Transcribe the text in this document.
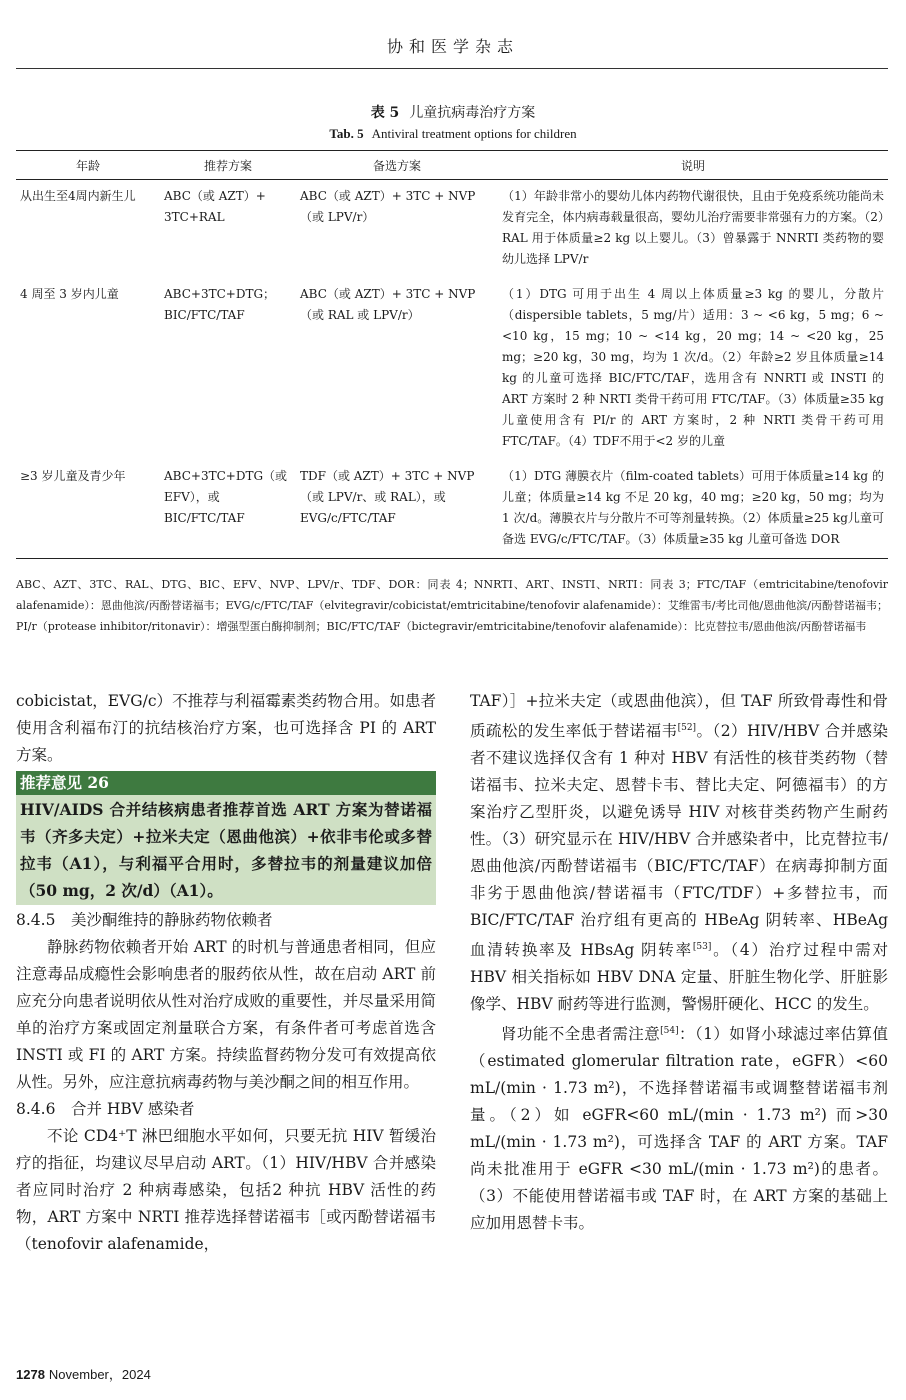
协和医学杂志
表 5 儿童抗病毒治疗方案
Tab. 5 Antiviral treatment options for children
年龄	推荐方案	备选方案	说明
从出生至4周内新生儿	ABC（或 AZT）+ 3TC+RAL	ABC（或 AZT）+ 3TC + NVP（或 LPV/r）	（1）年龄非常小的婴幼儿体内药物代谢很快，且由于免疫系统功能尚未发育完全，体内病毒载量很高，婴幼儿治疗需要非常强有力的方案。（2）RAL 用于体质量≥2 kg 以上婴儿。（3）曾暴露于 NNRTI 类药物的婴幼儿选择 LPV/r
4 周至 3 岁内儿童	ABC+3TC+DTG；BIC/FTC/TAF	ABC（或 AZT）+ 3TC + NVP（或 RAL 或 LPV/r）	（1）DTG 可用于出生 4 周以上体质量≥3 kg 的婴儿，分散片（dispersible tablets，5 mg/片）适用：3 ~ <6 kg，5 mg；6 ~ <10 kg，15 mg；10 ~ <14 kg，20 mg；14 ~ <20 kg，25 mg；≥20 kg，30 mg，均为 1 次/d。（2）年龄≥2 岁且体质量≥14 kg 的儿童可选择 BIC/FTC/TAF，选用含有 NNRTI 或 INSTI 的 ART 方案时 2 种 NRTI 类骨干药可用 FTC/TAF。（3）体质量≥35 kg 儿童使用含有 PI/r 的 ART 方案时，2 种 NRTI 类骨干药可用 FTC/TAF。（4）TDF不用于<2 岁的儿童
≥3 岁儿童及青少年	ABC+3TC+DTG（或 EFV），或 BIC/FTC/TAF	TDF（或 AZT）+ 3TC + NVP（或 LPV/r、或 RAL），或 EVG/c/FTC/TAF	（1）DTG 薄膜衣片（film-coated tablets）可用于体质量≥14 kg 的儿童；体质量≥14 kg 不足 20 kg，40 mg；≥20 kg，50 mg；均为 1 次/d。薄膜衣片与分散片不可等剂量转换。（2）体质量≥25 kg儿童可备选 EVG/c/FTC/TAF。（3）体质量≥35 kg 儿童可备选 DOR
ABC、AZT、3TC、RAL、DTG、BIC、EFV、NVP、LPV/r、TDF、DOR：同表 4；NNRTI、ART、INSTI、NRTI：同表 3；FTC/TAF（emtricitabine/tenofovir alafenamide）：恩曲他滨/丙酚替诺福韦；EVG/c/FTC/TAF（elvitegravir/cobicistat/emtricitabine/tenofovir alafenamide）：艾维雷韦/考比司他/恩曲他滨/丙酚替诺福韦；PI/r（protease inhibitor/ritonavir）：增强型蛋白酶抑制剂；BIC/FTC/TAF（bictegravir/emtricitabine/tenofovir alafenamide）：比克替拉韦/恩曲他滨/丙酚替诺福韦

cobicistat，EVG/c）不推荐与利福霉素类药物合用。如患者使用含利福布汀的抗结核治疗方案，也可选择含 PI 的 ART 方案。

推荐意见 26
HIV/AIDS 合并结核病患者推荐首选 ART 方案为替诺福韦（齐多夫定）+拉米夫定（恩曲他滨）+依非韦伦或多替拉韦（A1），与利福平合用时，多替拉韦的剂量建议加倍（50 mg，2 次/d）（A1）。

8.4.5　美沙酮维持的静脉药物依赖者

静脉药物依赖者开始 ART 的时机与普通患者相同，但应注意毒品成瘾性会影响患者的服药依从性，故在启动 ART 前应充分向患者说明依从性对治疗成败的重要性，并尽量采用简单的治疗方案或固定剂量联合方案，有条件者可考虑首选含 INSTI 或 FI 的 ART 方案。持续监督药物分发可有效提高依从性。另外，应注意抗病毒药物与美沙酮之间的相互作用。

8.4.6　合并 HBV 感染者

不论 CD4⁺T 淋巴细胞水平如何，只要无抗 HIV 暂缓治疗的指征，均建议尽早启动 ART。（1）HIV/HBV 合并感染者应同时治疗 2 种病毒感染，包括2 种抗 HBV 活性的药物，ART 方案中 NRTI 推荐选择替诺福韦［或丙酚替诺福韦（tenofovir alafenamide，

TAF）］+拉米夫定（或恩曲他滨），但 TAF 所致骨毒性和骨质疏松的发生率低于替诺福韦[52]。（2）HIV/HBV 合并感染者不建议选择仅含有 1 种对 HBV 有活性的核苷类药物（替诺福韦、拉米夫定、恩替卡韦、替比夫定、阿德福韦）的方案治疗乙型肝炎，以避免诱导 HIV 对核苷类药物产生耐药性。（3）研究显示在 HIV/HBV 合并感染者中，比克替拉韦/恩曲他滨/丙酚替诺福韦（BIC/FTC/TAF）在病毒抑制方面非劣于恩曲他滨/替诺福韦（FTC/TDF）+多替拉韦，而 BIC/FTC/TAF 治疗组有更高的 HBeAg 阴转率、HBeAg 血清转换率及 HBsAg 阴转率[53]。（4）治疗过程中需对 HBV 相关指标如 HBV DNA 定量、肝脏生物化学、肝脏影像学、HBV 耐药等进行监测，警惕肝硬化、HCC 的发生。

肾功能不全患者需注意[54]：（1）如肾小球滤过率估算值（estimated glomerular filtration rate，eGFR）<60 mL/(min · 1.73 m²)，不选择替诺福韦或调整替诺福韦剂量。（2）如 eGFR<60 mL/(min · 1.73 m²) 而>30 mL/(min · 1.73 m²)，可选择含 TAF 的 ART 方案。TAF 尚未批准用于 eGFR <30 mL/(min · 1.73 m²)的患者。（3）不能使用替诺福韦或 TAF 时，在 ART 方案的基础上应加用恩替卡韦。

1278 November，2024
